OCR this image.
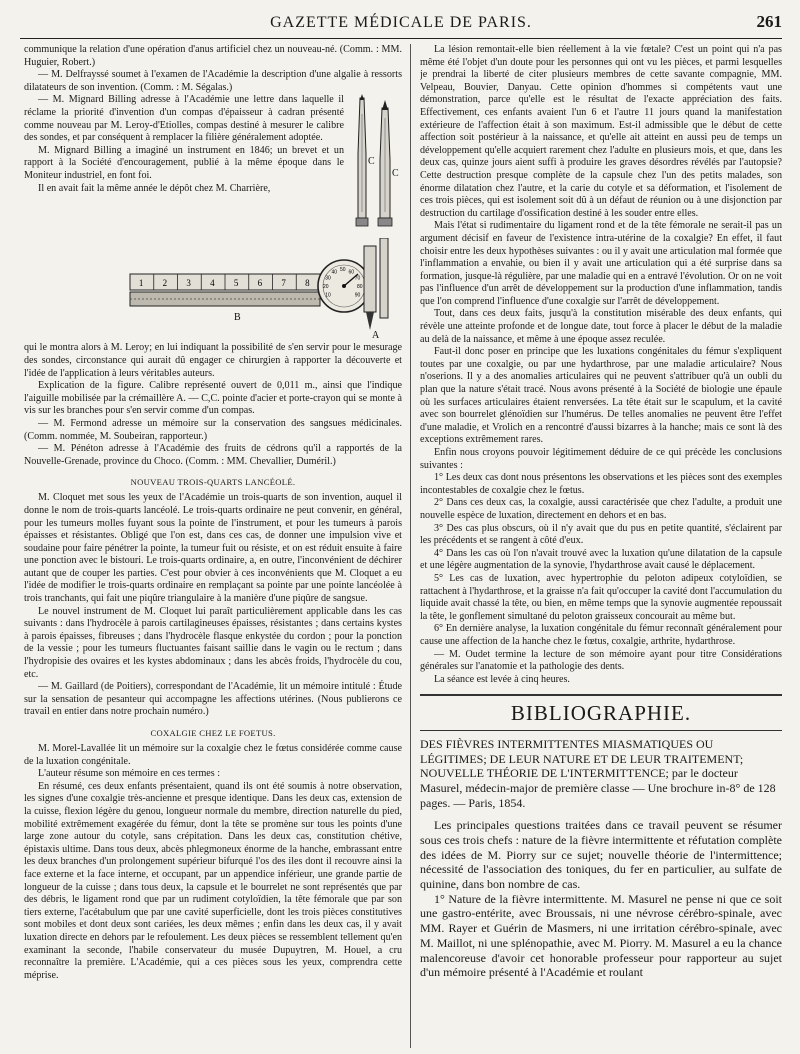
GAZETTE MÉDICALE DE PARIS.	261

communique la relation d'une opération d'anus artificiel chez un nouveau-né. (Comm. : MM. Huguier, Robert.)

— M. Delfrayssé soumet à l'examen de l'Académie la description d'une algalie à ressorts dilatateurs de son invention. (Comm. : M. Ségalas.)

C
C

— M. Mignard Billing adresse à l'Académie une lettre dans laquelle il réclame la priorité d'invention d'un compas d'épaisseur à cadran présenté comme nouveau par M. Leroy-d'Etiolles, compas destiné à mesurer le calibre des sondes, et par conséquent à remplacer la filière généralement adoptée.

M. Mignard Billing a imaginé un instrument en 1846; un brevet et un rapport à la Société d'encouragement, publié à la même époque dans le Moniteur industriel, en font foi.

Il en avait fait la même année le dépôt chez M. Charrière,

1 2 3 4 5 6 7 8
10
20
30
40 50 60
70
80
90
B
A

qui le montra alors à M. Leroy; en lui indiquant la possibilité de s'en servir pour le mesurage des sondes, circonstance qui aurait dû engager ce chirurgien à rapporter la découverte et l'idée de l'application à leurs véritables auteurs.

Explication de la figure. Calibre représenté ouvert de 0,011 m., ainsi que l'indique l'aiguille mobilisée par la crémaillère A. — C,C. pointe d'acier et porte-crayon qui se monte à vis sur les branches pour s'en servir comme d'un compas.

— M. Fermond adresse un mémoire sur la conservation des sangsues médicinales. (Comm. nommée, M. Soubeiran, rapporteur.)

— M. Pénéton adresse à l'Académie des fruits de cédrons qu'il a rapportés de la Nouvelle-Grenade, province du Choco. (Comm. : MM. Chevallier, Duméril.)

NOUVEAU TROIS-QUARTS LANCÉOLÉ.

M. Cloquet met sous les yeux de l'Académie un trois-quarts de son invention, auquel il donne le nom de trois-quarts lancéolé. Le trois-quarts ordinaire ne peut convenir, en général, pour les tumeurs molles fuyant sous la pointe de l'instrument, et pour les tumeurs à parois épaisses et résistantes. Obligé que l'on est, dans ces cas, de donner une impulsion vive et soudaine pour faire pénétrer la pointe, la tumeur fuit ou résiste, et on est réduit ensuite à faire une ponction avec le bistouri. Le trois-quarts ordinaire, a, en outre, l'inconvénient de déchirer autant que de couper les parties. C'est pour obvier à ces inconvénients que M. Cloquet a eu l'idée de modifier le trois-quarts ordinaire en remplaçant sa pointe par une pointe lancéolée à trois tranchants, qui fait une piqûre triangulaire à la manière d'une piqûre de sangsue.

Le nouvel instrument de M. Cloquet lui paraît particulièrement applicable dans les cas suivants : dans l'hydrocèle à parois cartilagineuses épaisses, résistantes ; dans certains kystes à parois épaisses, fibreuses ; dans l'hydrocèle flasque enkystée du cordon ; pour la ponction de la vessie ; pour les tumeurs fluctuantes faisant saillie dans le vagin ou le rectum ; dans l'hydropisie des ovaires et les kystes abdominaux ; dans les abcès froids, l'hydrocèle du cou, etc.

— M. Gaillard (de Poitiers), correspondant de l'Académie, lit un mémoire intitulé : Étude sur la sensation de pesanteur qui accompagne les affections utérines. (Nous publierons ce travail en entier dans notre prochain numéro.)

COXALGIE CHEZ LE FOETUS.

M. Morel-Lavallée lit un mémoire sur la coxalgie chez le fœtus considérée comme cause de la luxation congénitale.

L'auteur résume son mémoire en ces termes :

En résumé, ces deux enfants présentaient, quand ils ont été soumis à notre observation, les signes d'une coxalgie très-ancienne et presque identique. Dans les deux cas, extension de la cuisse, flexion légère du genou, longueur normale du membre, direction naturelle du pied, mobilité extrêmement exagérée du fémur, dont la tête se promène sur tous les points d'une large zone autour du cotyle, sans crépitation. Dans les deux cas, constitution chétive, épistaxis ultime. Dans tous deux, abcès phlegmoneux énorme de la hanche, embrassant entre les deux branches d'un prolongement supérieur bifurqué l'os des iles dont il recouvre ainsi la face externe et la face interne, et occupant, par un appendice inférieur, une grande partie de longueur de la cuisse ; dans tous deux, la capsule et le bourrelet ne sont représentés que par des débris, le ligament rond que par un rudiment cotyloïdien, la tête fémorale que par son tiers externe, l'acétabulum que par une cavité superficielle, dont les trois pièces constitutives sont mobiles et dont deux sont cariées, les deux mêmes ; enfin dans les deux cas, il y avait luxation directe en dehors par le refoulement. Les deux pièces se ressemblent tellement qu'en examinant la seconde, l'habile conservateur du musée Dupuytren, M. Houel, a cru reconnaître la première. L'Académie, qui a ces pièces sous les yeux, comprendra cette méprise.

La lésion remontait-elle bien réellement à la vie fœtale? C'est un point qui n'a pas même été l'objet d'un doute pour les personnes qui ont vu les pièces, et parmi lesquelles je prendrai la liberté de citer plusieurs membres de cette savante compagnie, MM. Velpeau, Bouvier, Danyau. Cette opinion d'hommes si compétents vaut une démonstration, parce qu'elle est le résultat de l'exacte appréciation des faits. Effectivement, ces enfants avaient l'un 6 et l'autre 11 jours quand la manifestation extérieure de l'affection était à son maximum. Est-il admissible que le début de cette affection soit postérieur à la naissance, et qu'elle ait atteint en aussi peu de temps un développement qu'elle acquiert rarement chez l'adulte en plusieurs mois, et que, dans les deux cas, quinze jours aient suffi à produire les graves désordres révélés par l'autopsie? Cette destruction presque complète de la capsule chez l'un des petits malades, son énorme dilatation chez l'autre, et la carie du cotyle et sa déformation, et l'isolement de ces trois pièces, qui est isolement soit dû à un défaut de réunion ou à une disjonction par destruction du cartilage d'ossification destiné à les souder entre elles.

Mais l'état si rudimentaire du ligament rond et de la tête fémorale ne serait-il pas un argument décisif en faveur de l'existence intra-utérine de la coxalgie? En effet, il faut choisir entre les deux hypothèses suivantes : ou il y avait une articulation mal formée que l'inflammation a envahie, ou bien il y avait une articulation qui a été surprise dans sa formation, jusque-là régulière, par une maladie qui en a entravé l'évolution. Or on ne voit pas l'influence d'un arrêt de développement sur la production d'une inflammation, tandis que l'on comprend l'influence d'une coxalgie sur l'arrêt de développement.

Tout, dans ces deux faits, jusqu'à la constitution misérable des deux enfants, qui révèle une atteinte profonde et de longue date, tout force à placer le début de la maladie au delà de la naissance, et même à une époque assez reculée.

Faut-il donc poser en principe que les luxations congénitales du fémur s'expliquent toutes par une coxalgie, ou par une hydarthrose, par une maladie articulaire? Nous n'oserions. Il y a des anomalies articulaires qui ne peuvent s'attribuer qu'à un oubli du plan que la nature s'était tracé. Nous avons présenté à la Société de biologie une épaule où les surfaces articulaires étaient renversées. La tête était sur le scapulum, et la cavité avec son bourrelet glénoïdien sur l'humérus. De telles anomalies ne peuvent être l'effet d'une maladie, et Vrolich en a rencontré d'aussi bizarres à la hanche; mais ce sont là des exceptions extrêmement rares.

Enfin nous croyons pouvoir légitimement déduire de ce qui précède les conclusions suivantes :

1° Les deux cas dont nous présentons les observations et les pièces sont des exemples incontestables de coxalgie chez le fœtus.

2° Dans ces deux cas, la coxalgie, aussi caractérisée que chez l'adulte, a produit une nouvelle espèce de luxation, directement en dehors et en bas.

3° Des cas plus obscurs, où il n'y avait que du pus en petite quantité, s'éclairent par les précédents et se rangent à côté d'eux.

4° Dans les cas où l'on n'avait trouvé avec la luxation qu'une dilatation de la capsule et une légère augmentation de la synovie, l'hydarthrose avait causé le déplacement.

5° Les cas de luxation, avec hypertrophie du peloton adipeux cotyloïdien, se rattachent à l'hydarthrose, et la graisse n'a fait qu'occuper la cavité dont l'accumulation du liquide avait chassé la tête, ou bien, en même temps que la synovie augmentée repoussait la tête, le gonflement simultané du peloton graisseux concourait au même but.

6° En dernière analyse, la luxation congénitale du fémur reconnaît généralement pour cause une affection de la hanche chez le fœtus, coxalgie, arthrite, hydarthrose.

— M. Oudet termine la lecture de son mémoire ayant pour titre Considérations générales sur l'anatomie et la pathologie des dents.

La séance est levée à cinq heures.

BIBLIOGRAPHIE.

DES FIÈVRES INTERMITTENTES MIASMATIQUES OU LÉGITIMES; DE LEUR NATURE ET DE LEUR TRAITEMENT; NOUVELLE THÉORIE DE L'INTERMITTENCE; par le docteur Masurel, médecin-major de première classe — Une brochure in-8° de 128 pages. — Paris, 1854.

Les principales questions traitées dans ce travail peuvent se résumer sous ces trois chefs : nature de la fièvre intermittente et réfutation complète des idées de M. Piorry sur ce sujet; nouvelle théorie de l'intermittence; nécessité de l'association des toniques, du fer en particulier, au sulfate de quinine, dans bon nombre de cas.

1° Nature de la fièvre intermittente. M. Masurel ne pense ni que ce soit une gastro-entérite, avec Broussais, ni une névrose cérébro-spinale, avec MM. Rayer et Guérin de Masmers, ni une irritation cérébro-spinale, avec M. Maillot, ni une splénopathie, avec M. Piorry. M. Masurel a eu la chance malencoreuse d'avoir cet honorable professeur pour rapporteur au sujet d'un mémoire présenté à l'Académie et roulant
